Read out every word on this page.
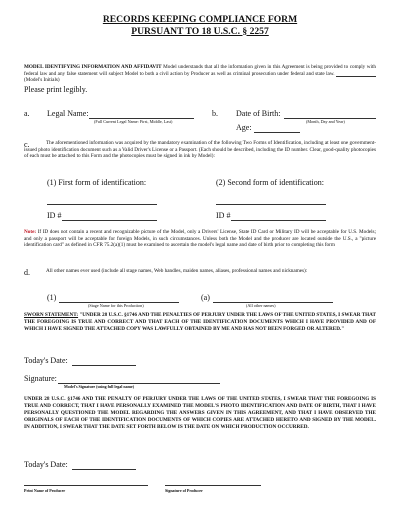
RECORDS KEEPING COMPLIANCE FORM
PURSUANT TO 18 U.S.C. § 2257

MODEL IDENTIFYING INFORMATION AND AFFIDAVIT Model understands that all the information given in this Agreement is being provided to comply with federal law and any false statement will subject Model to both a civil action by Producer as well as criminal prosecution under federal and state law.  (Model's Initials)

Please print legibly.
a. Legal Name:
(Full Current Legal Name: First, Middle, Last)
b. Date of Birth:
(Month, Day and Year)
Age:
c.	The aforementioned information was acquired by the mandatory examination of the following Two Forms of Identification, including at least one government-issued photo identification document such as a Valid Driver's License or a Passport. (Each should be described, including the ID number. Clear, good-quality photocopies of each must be attached to this Form and the photocopies must be signed in ink by Model):

(1) First form of identification:	(2) Second form of identification:
ID #	ID #

Note: If ID does not contain a recent and recognizable picture of the Model, only a Drivers' License, State ID Card or Military ID will be acceptable for U.S. Models; and only a passport will be acceptable for foreign Models, in such circumstances. Unless both the Model and the producer are located outside the U.S., a "picture identification card" as defined in CFR 75.2(a)(1) must be examined to ascertain the model's legal name and date of birth prior to completing this form

d.	All other names ever used (include all stage names, Web handles, maiden names, aliases, professional names and nicknames):

(1)
(Stage Name for this Production)
(a)
(All other names)

SWORN STATEMENT: "UNDER 28 U.S.C. §1746 AND THE PENALTIES OF PERJURY UNDER THE LAWS OF THE UNITED STATES, I SWEAR THAT THE FOREGOING IS TRUE AND CORRECT AND THAT EACH OF THE IDENTIFICATION DOCUMENTS WHICH I HAVE PROVIDED AND OF WHICH I HAVE SIGNED THE ATTACHED COPY WAS LAWFULLY OBTAINED BY ME AND HAS NOT BEEN FORGED OR ALTERED."

Today's Date:
Signature:
Model's Signature (using full legal name)

UNDER 28 U.S.C. §1746 AND THE PENALTY OF PERJURY UNDER THE LAWS OF THE UNITED STATES, I SWEAR THAT THE FOREGOING IS TRUE AND CORRECT, THAT I HAVE PERSONALLY EXAMINED THE MODEL'S PHOTO IDENTIFICATION AND DATE OF BIRTH, THAT I HAVE PERSONALLY QUESTIONED THE MODEL REGARDING THE ANSWERS GIVEN IN THIS AGREEMENT, AND THAT I HAVE OBSERVED THE ORIGINALS OF EACH OF THE IDENTIFICATION DOCUMENTS OF WHICH COPIES ARE ATTACHED HERETO AND SIGNED BY THE MODEL. IN ADDITION, I SWEAR THAT THE DATE SET FORTH BELOW IS THE DATE ON WHICH PRODUCTION OCCURRED.

Today's Date:
Print Name of Producer	Signature of Producer
